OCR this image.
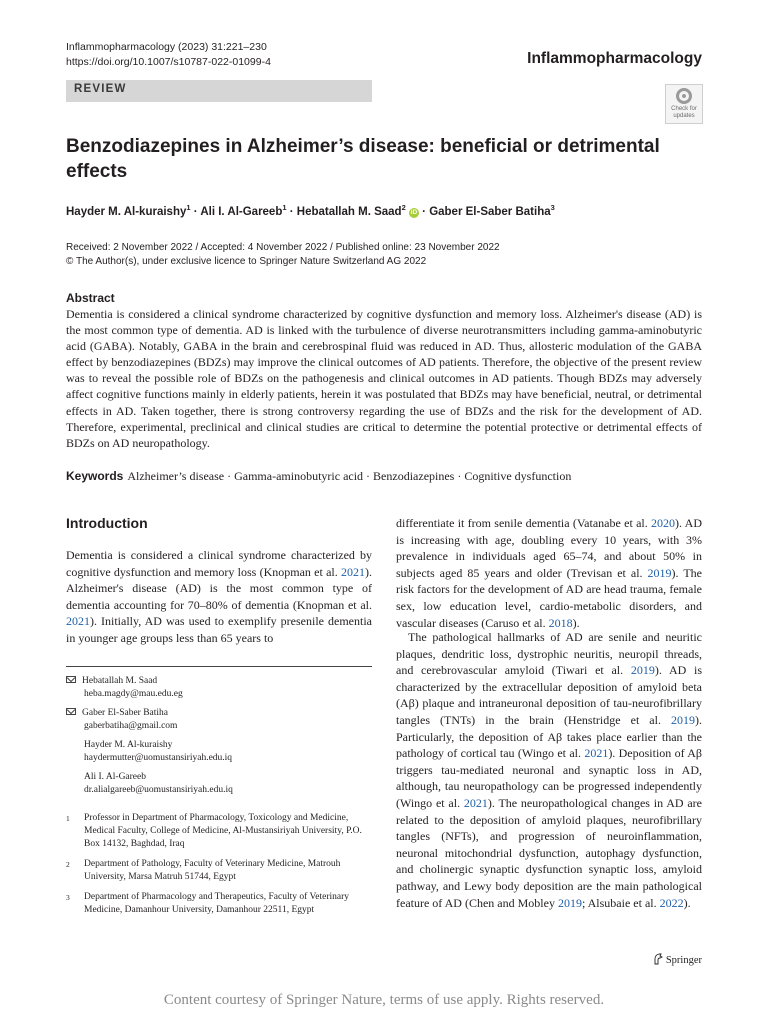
Inflammopharmacology (2023) 31:221–230
https://doi.org/10.1007/s10787-022-01099-4	Inflammopharmacology
REVIEW
Check for
updates
Benzodiazepines in Alzheimer’s disease: beneficial or detrimental effects
Hayder M. Al-kuraishy$^1$ · Ali I. Al-Gareeb$^1$ · Hebatallah M. Saad$^2$ iD · Gaber El-Saber Batiha$^3$
Received: 2 November 2022 / Accepted: 4 November 2022 / Published online: 23 November 2022
© The Author(s), under exclusive licence to Springer Nature Switzerland AG 2022
Abstract
Dementia is considered a clinical syndrome characterized by cognitive dysfunction and memory loss. Alzheimer's disease (AD) is the most common type of dementia. AD is linked with the turbulence of diverse neurotransmitters including gamma-aminobutyric acid (GABA). Notably, GABA in the brain and cerebrospinal fluid was reduced in AD. Thus, allosteric modulation of the GABA effect by benzodiazepines (BDZs) may improve the clinical outcomes of AD patients. Therefore, the objective of the present review was to reveal the possible role of BDZs on the pathogenesis and clinical outcomes in AD patients. Though BDZs may adversely affect cognitive functions mainly in elderly patients, herein it was postulated that BDZs may have beneficial, neutral, or detrimental effects in AD. Taken together, there is strong controversy regarding the use of BDZs and the risk for the development of AD. Therefore, experimental, preclinical and clinical studies are critical to determine the potential protective or detrimental effects of BDZs on AD neuropathology.
Keywords Alzheimer’s disease · Gamma-aminobutyric acid · Benzodiazepines · Cognitive dysfunction
Introduction
Dementia is considered a clinical syndrome characterized by cognitive dysfunction and memory loss (Knopman et al. 2021). Alzheimer's disease (AD) is the most common type of dementia accounting for 70–80% of dementia (Knopman et al. 2021). Initially, AD was used to exemplify presenile dementia in younger age groups less than 65 years to
differentiate it from senile dementia (Vatanabe et al. 2020). AD is increasing with age, doubling every 10 years, with 3% prevalence in individuals aged 65–74, and about 50% in subjects aged 85 years and older (Trevisan et al. 2019). The risk factors for the development of AD are head trauma, female sex, low education level, cardio-metabolic disorders, and vascular diseases (Caruso et al. 2018).
The pathological hallmarks of AD are senile and neuritic plaques, dendritic loss, dystrophic neuritis, neuropil threads, and cerebrovascular amyloid (Tiwari et al. 2019). AD is characterized by the extracellular deposition of amyloid beta (Aβ) plaque and intraneuronal deposition of tau-neurofibrillary tangles (TNTs) in the brain (Henstridge et al. 2019). Particularly, the deposition of Aβ takes place earlier than the pathology of cortical tau (Wingo et al. 2021). Deposition of Aβ triggers tau-mediated neuronal and synaptic loss in AD, although, tau neuropathology can be progressed independently (Wingo et al. 2021). The neuropathological changes in AD are related to the deposition of amyloid plaques, neurofibrillary tangles (NFTs), and progression of neuroinflammation, neuronal mitochondrial dysfunction, autophagy dysfunction, and cholinergic synaptic dysfunction synaptic loss, amyloid pathway, and Lewy body deposition are the main pathological feature of AD (Chen and Mobley 2019; Alsubaie et al. 2022).
Hebatallah M. Saad
heba.magdy@mau.edu.eg
Gaber El-Saber Batiha
gaberbatiha@gmail.com
Hayder M. Al-kuraishy
haydermutter@uomustansiriyah.edu.iq
Ali I. Al-Gareeb
dr.alialgareeb@uomustansiriyah.edu.iq
1	Professor in Department of Pharmacology, Toxicology and Medicine, Medical Faculty, College of Medicine, Al-Mustansiriyah University, P.O. Box 14132, Baghdad, Iraq
2	Department of Pathology, Faculty of Veterinary Medicine, Matrouh University, Marsa Matruh 51744, Egypt
3	Department of Pharmacology and Therapeutics, Faculty of Veterinary Medicine, Damanhour University, Damanhour 22511, Egypt
Springer
Content courtesy of Springer Nature, terms of use apply. Rights reserved.
